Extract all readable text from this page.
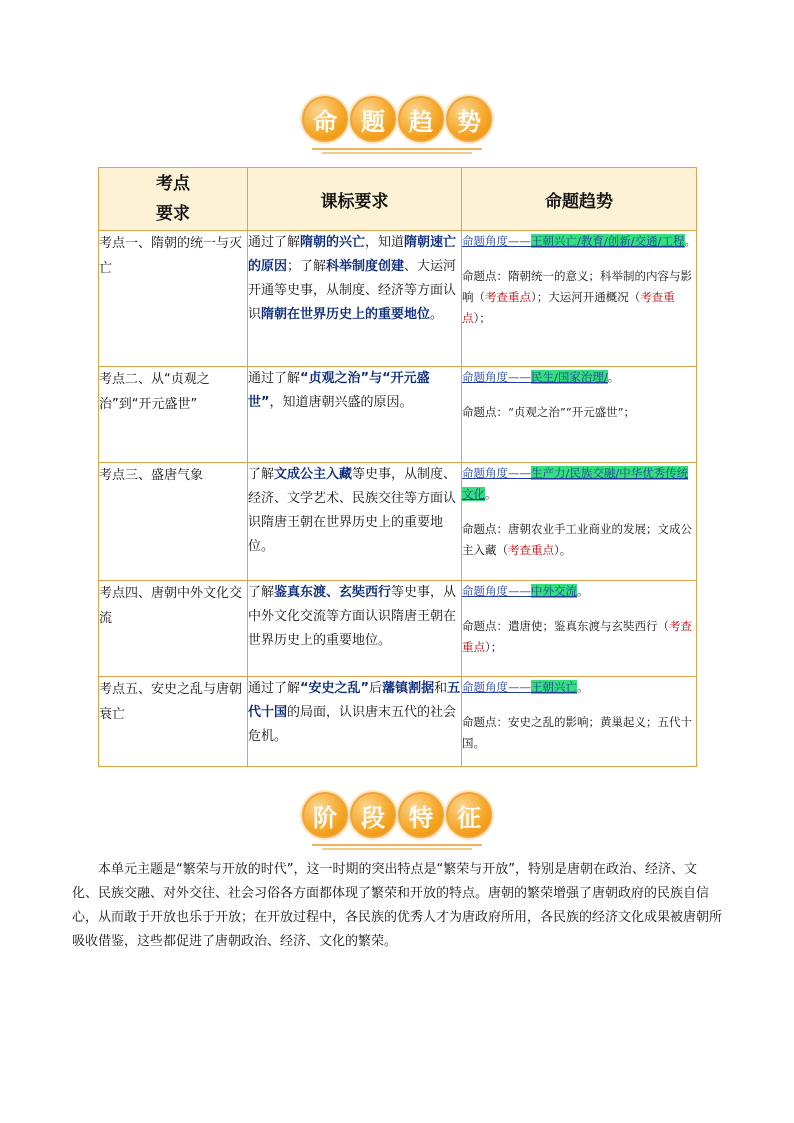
命	题	趋	势
考点
要求	课标要求	命题趋势
考点一、隋朝的统一与灭亡	通过了解隋朝的兴亡，知道隋朝速亡的原因；了解科举制度创建、大运河开通等史事，从制度、经济等方面认识隋朝在世界历史上的重要地位。	命题角度——王朝兴亡/教育/创新/交通/工程。
命题点：隋朝统一的意义；科举制的内容与影响（考查重点）；大运河开通概况（考查重点）；

考点二、从“贞观之治”到“开元盛世”	通过了解“贞观之治”与“开元盛世”，知道唐朝兴盛的原因。	命题角度——民生/国家治理/。
命题点：“贞观之治”“开元盛世”；

考点三、盛唐气象	了解文成公主入藏等史事，从制度、经济、文学艺术、民族交往等方面认识隋唐王朝在世界历史上的重要地位。	命题角度——生产力/民族交融/中华优秀传统文化。
命题点：唐朝农业手工业商业的发展；文成公主入藏（考查重点）。

考点四、唐朝中外文化交流	了解鉴真东渡、玄奘西行等史事，从中外文化交流等方面认识隋唐王朝在世界历史上的重要地位。	命题角度——中外交流。
命题点：遣唐使；鉴真东渡与玄奘西行（考查重点）；

考点五、安史之乱与唐朝衰亡	通过了解“安史之乱”后藩镇割据和五代十国的局面，认识唐末五代的社会危机。	命题角度——王朝兴亡。
命题点：安史之乱的影响；黄巢起义；五代十国。
阶	段	特	征

本单元主题是“繁荣与开放的时代”，这一时期的突出特点是“繁荣与开放”，特别是唐朝在政治、经济、文化、民族交融、对外交往、社会习俗各方面都体现了繁荣和开放的特点。唐朝的繁荣增强了唐朝政府的民族自信心，从而敢于开放也乐于开放；在开放过程中，各民族的优秀人才为唐政府所用，各民族的经济文化成果被唐朝所吸收借鉴，这些都促进了唐朝政治、经济、文化的繁荣。
